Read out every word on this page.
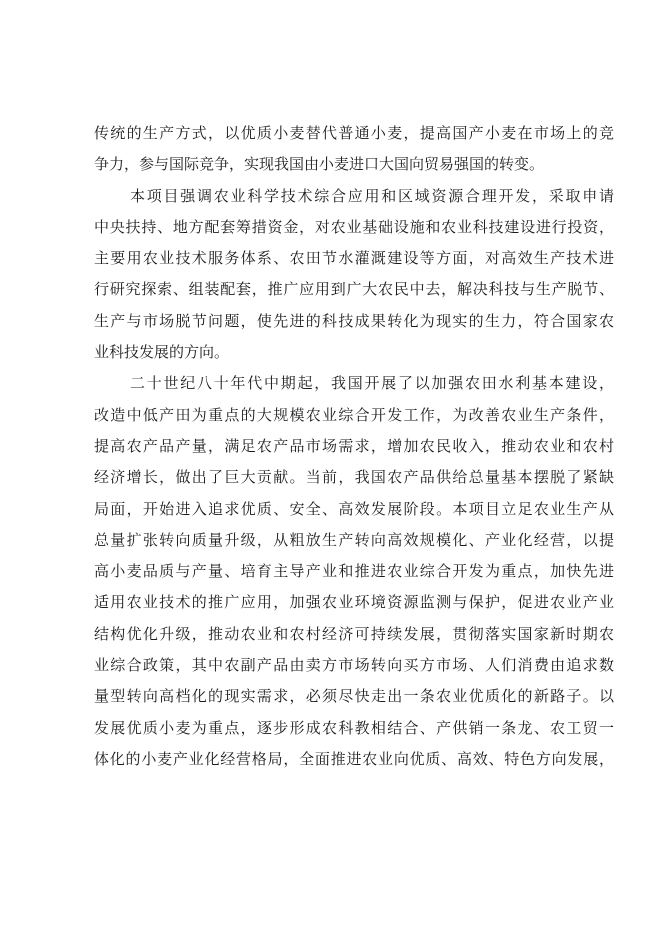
传统的生产方式，以优质小麦替代普通小麦，提高国产小麦在市场上的竞
争力，参与国际竞争，实现我国由小麦进口大国向贸易强国的转变。
本项目强调农业科学技术综合应用和区域资源合理开发，采取申请
中央扶持、地方配套筹措资金，对农业基础设施和农业科技建设进行投资，
主要用农业技术服务体系、农田节水灌溉建设等方面，对高效生产技术进
行研究探索、组装配套，推广应用到广大农民中去，解决科技与生产脱节、
生产与市场脱节问题，使先进的科技成果转化为现实的生力，符合国家农
业科技发展的方向。
二十世纪八十年代中期起，我国开展了以加强农田水利基本建设，
改造中低产田为重点的大规模农业综合开发工作，为改善农业生产条件，
提高农产品产量，满足农产品市场需求，增加农民收入，推动农业和农村
经济增长，做出了巨大贡献。当前，我国农产品供给总量基本摆脱了紧缺
局面，开始进入追求优质、安全、高效发展阶段。本项目立足农业生产从
总量扩张转向质量升级，从粗放生产转向高效规模化、产业化经营，以提
高小麦品质与产量、培育主导产业和推进农业综合开发为重点，加快先进
适用农业技术的推广应用，加强农业环境资源监测与保护，促进农业产业
结构优化升级，推动农业和农村经济可持续发展，贯彻落实国家新时期农
业综合政策，其中农副产品由卖方市场转向买方市场、人们消费由追求数
量型转向高档化的现实需求，必须尽快走出一条农业优质化的新路子。以
发展优质小麦为重点，逐步形成农科教相结合、产供销一条龙、农工贸一
体化的小麦产业化经营格局，全面推进农业向优质、高效、特色方向发展，
